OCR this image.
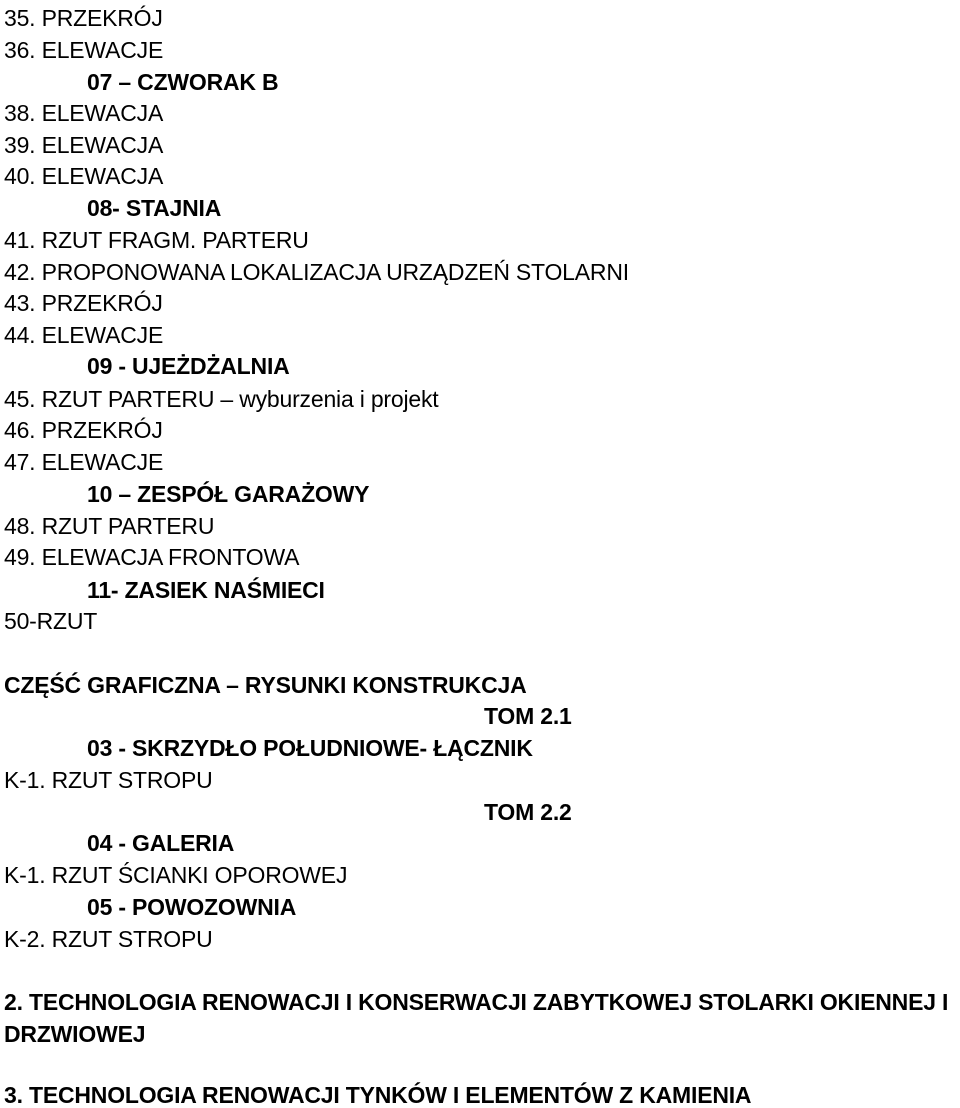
35. PRZEKRÓJ
36. ELEWACJE
07 – CZWORAK B
38. ELEWACJA
39. ELEWACJA
40. ELEWACJA
08- STAJNIA
41. RZUT FRAGM. PARTERU
42. PROPONOWANA LOKALIZACJA URZĄDZEŃ STOLARNI
43. PRZEKRÓJ
44. ELEWACJE
09 - UJEŻDŻALNIA
45. RZUT PARTERU – wyburzenia i projekt
46. PRZEKRÓJ
47. ELEWACJE
10 – ZESPÓŁ GARAŻOWY
48. RZUT PARTERU
49. ELEWACJA FRONTOWA
11- ZASIEK NAŚMIECI
50-RZUT
CZĘŚĆ GRAFICZNA – RYSUNKI KONSTRUKCJA
TOM 2.1
03 - SKRZYDŁO POŁUDNIOWE- ŁĄCZNIK
K-1. RZUT STROPU
TOM 2.2
04 - GALERIA
K-1. RZUT ŚCIANKI OPOROWEJ
05 - POWOZOWNIA
K-2. RZUT STROPU
2. TECHNOLOGIA RENOWACJI I KONSERWACJI ZABYTKOWEJ STOLARKI OKIENNEJ I
DRZWIOWEJ
3. TECHNOLOGIA RENOWACJI TYNKÓW I ELEMENTÓW Z KAMIENIA
